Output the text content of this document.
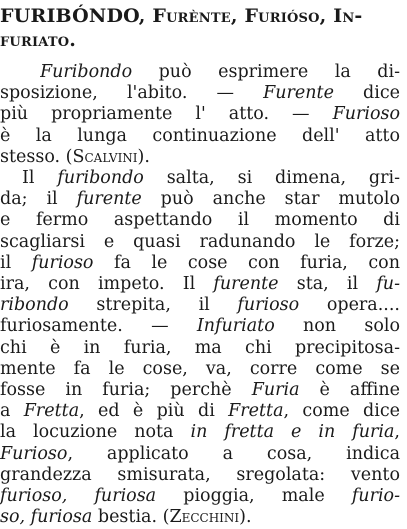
FURIBÓNDO, Furènte, Furióso, In-
furiato.
Furibondo può esprimere la di-
sposizione, l'abito. — Furente dice
più propriamente l' atto. — Furioso
è la lunga continuazione dell' atto
stesso. (Scalvini).
Il furibondo salta, si dimena, gri-
da; il furente può anche star mutolo
e fermo aspettando il momento di
scagliarsi e quasi radunando le forze;
il furioso fa le cose con furia, con
ira, con impeto. Il furente sta, il fu-
ribondo strepita, il furioso opera....
furiosamente. — Infuriato non solo
chi è in furia, ma chi precipitosa-
mente fa le cose, va, corre come se
fosse in furia; perchè Furia è affine
a Fretta, ed è più di Fretta, come dice
la locuzione nota in fretta e in furia,
Furioso, applicato a cosa, indica
grandezza smisurata, sregolata: vento
furioso, furiosa pioggia, male furio-
so, furiosa bestia. (Zecchini).
